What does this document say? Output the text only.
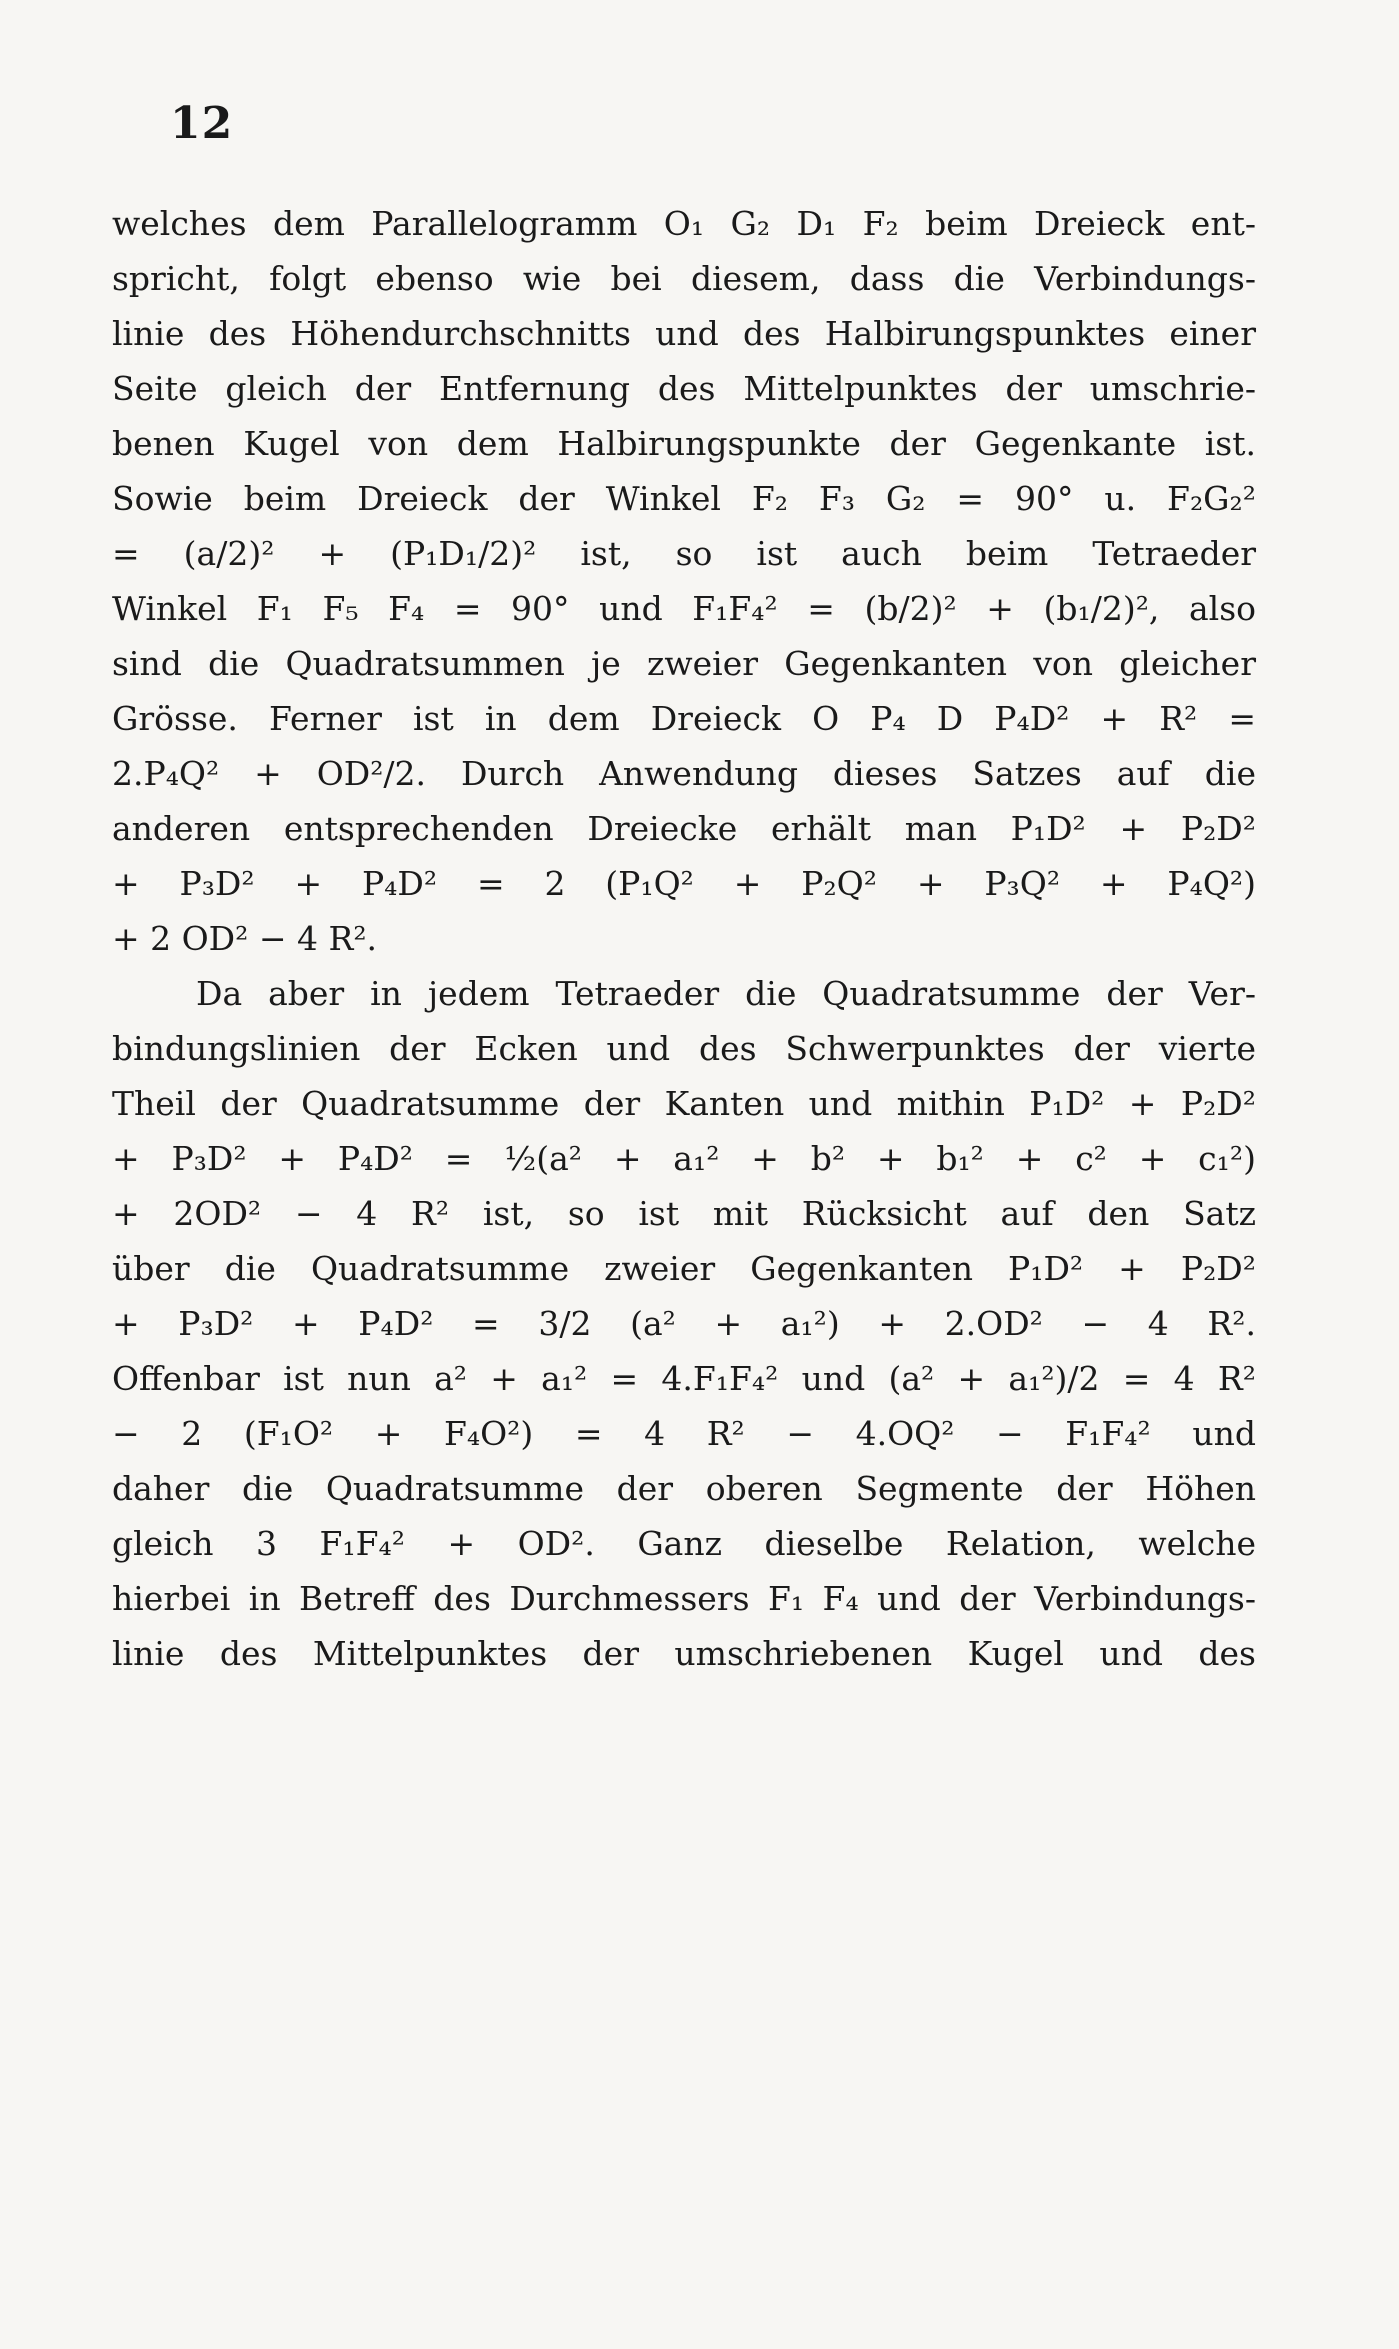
12
welches dem Parallelogramm O₁ G₂ D₁ F₂ beim Dreieck ent-
spricht, folgt ebenso wie bei diesem, dass die Verbindungs-
linie des Höhendurchschnitts und des Halbirungspunktes einer
Seite gleich der Entfernung des Mittelpunktes der umschrie-
benen Kugel von dem Halbirungspunkte der Gegenkante ist.
Sowie beim Dreieck der Winkel F₂ F₃ G₂ = 90° u. F₂G₂²
= (a/2)² + (P₁D₁/2)² ist, so ist auch beim Tetraeder
Winkel F₁ F₅ F₄ = 90° und F₁F₄² = (b/2)² + (b₁/2)², also
sind die Quadratsummen je zweier Gegenkanten von gleicher
Grösse. Ferner ist in dem Dreieck O P₄ D P₄D² + R² =
2.P₄Q² + OD²/2. Durch Anwendung dieses Satzes auf die
anderen entsprechenden Dreiecke erhält man P₁D² + P₂D²
+ P₃D² + P₄D² = 2 (P₁Q² + P₂Q² + P₃Q² + P₄Q²)
+ 2 OD² − 4 R².
Da aber in jedem Tetraeder die Quadratsumme der Ver-
bindungslinien der Ecken und des Schwerpunktes der vierte
Theil der Quadratsumme der Kanten und mithin P₁D² + P₂D²
+ P₃D² + P₄D² = ½(a² + a₁² + b² + b₁² + c² + c₁²)
+ 2OD² − 4 R² ist, so ist mit Rücksicht auf den Satz
über die Quadratsumme zweier Gegenkanten P₁D² + P₂D²
+ P₃D² + P₄D² = 3/2 (a² + a₁²) + 2.OD² − 4 R².
Offenbar ist nun a² + a₁² = 4.F₁F₄² und (a² + a₁²)/2 = 4 R²
− 2 (F₁O² + F₄O²) = 4 R² − 4.OQ² − F₁F₄² und
daher die Quadratsumme der oberen Segmente der Höhen
gleich 3 F₁F₄² + OD². Ganz dieselbe Relation, welche
hierbei in Betreff des Durchmessers F₁ F₄ und der Verbindungs-
linie des Mittelpunktes der umschriebenen Kugel und des
